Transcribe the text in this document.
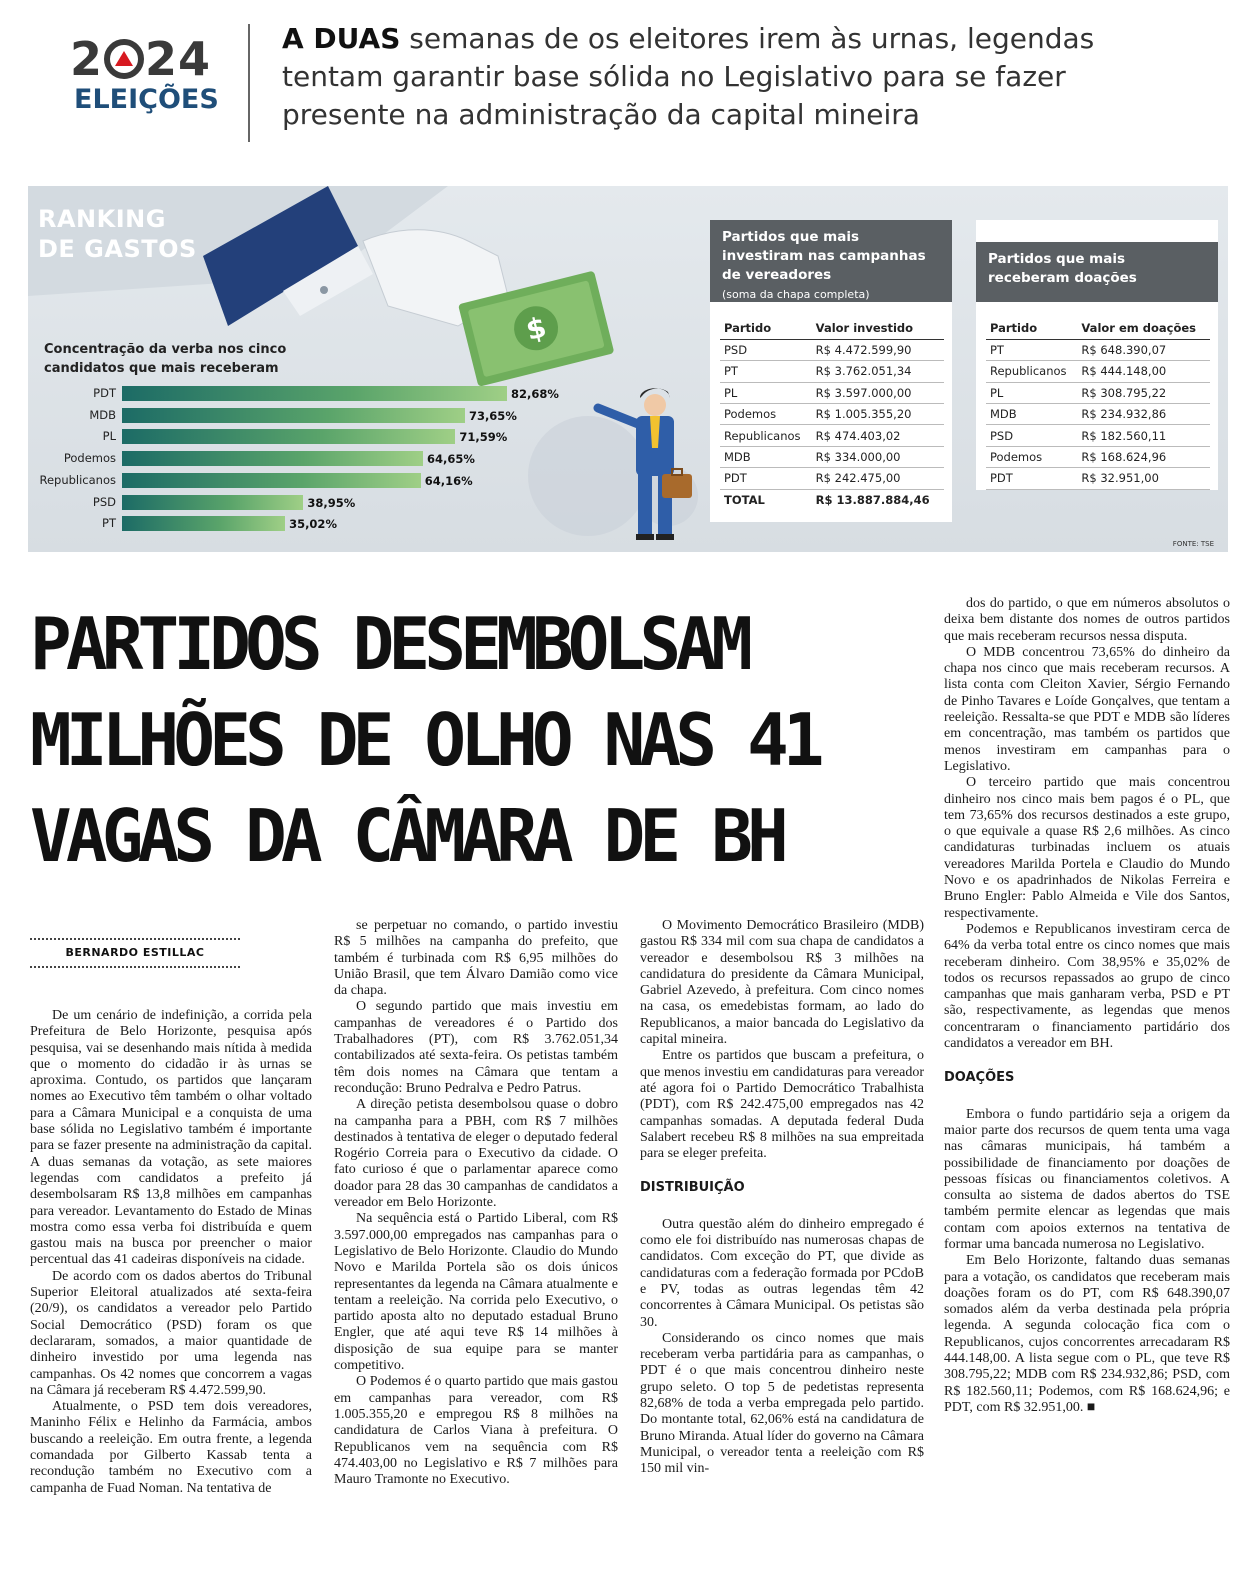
2 24
ELEIÇÕES
A DUAS semanas de os eleitores irem às urnas, legendas tentam garantir base sólida no Legislativo para se fazer presente na administração da capital mineira
$
RANKING
DE GASTOS
Concentração da verba nos cinco candidatos que mais receberam
PDT	82,68%
MDB	73,65%
PL	71,59%
Podemos	64,65%
Republicanos	64,16%
PSD	38,95%
PT	35,02%
Partidos que mais investiram nas campanhas de vereadores
(soma da chapa completa)
Partido	Valor investido
PSD	R$ 4.472.599,90
PT	R$ 3.762.051,34
PL	R$ 3.597.000,00
Podemos	R$ 1.005.355,20
Republicanos	R$ 474.403,02
MDB	R$ 334.000,00
PDT	R$ 242.475,00
TOTAL	R$ 13.887.884,46
Partidos que mais receberam doações
Partido	Valor em doações
PT	R$ 648.390,07
Republicanos	R$ 444.148,00
PL	R$ 308.795,22
MDB	R$ 234.932,86
PSD	R$ 182.560,11
Podemos	R$ 168.624,96
PDT	R$ 32.951,00
FONTE: TSE
PARTIDOS DESEMBOLSAM MILHÕES DE OLHO NAS 41 VAGAS DA CÂMARA DE BH
BERNARDO ESTILLAC

De um cenário de indefinição, a corrida pela Prefeitura de Belo Horizonte, pesquisa após pesquisa, vai se desenhando mais nítida à medida que o momento do cidadão ir às urnas se aproxima. Contudo, os partidos que lançaram nomes ao Executivo têm também o olhar voltado para a Câmara Municipal e a conquista de uma base sólida no Legislativo também é importante para se fazer presente na administração da capital. A duas semanas da votação, as sete maiores legendas com candidatos a prefeito já desembolsaram R$ 13,8 milhões em campanhas para vereador. Levantamento do Estado de Minas mostra como essa verba foi distribuída e quem gastou mais na busca por preencher o maior percentual das 41 cadeiras disponíveis na cidade.

De acordo com os dados abertos do Tribunal Superior Eleitoral atualizados até sexta-feira (20/9), os candidatos a vereador pelo Partido Social Democrático (PSD) foram os que declararam, somados, a maior quantidade de dinheiro investido por uma legenda nas campanhas. Os 42 nomes que concorrem a vagas na Câmara já receberam R$ 4.472.599,90.

Atualmente, o PSD tem dois vereadores, Maninho Félix e Helinho da Farmácia, ambos buscando a reeleição. Em outra frente, a legenda comandada por Gilberto Kassab tenta a recondução também no Executivo com a campanha de Fuad Noman. Na tentativa de

se perpetuar no comando, o partido investiu R$ 5 milhões na campanha do prefeito, que também é turbinada com R$ 6,95 milhões do União Brasil, que tem Álvaro Damião como vice da chapa.

O segundo partido que mais investiu em campanhas de vereadores é o Partido dos Trabalhadores (PT), com R$ 3.762.051,34 contabilizados até sexta-feira. Os petistas também têm dois nomes na Câmara que tentam a recondução: Bruno Pedralva e Pedro Patrus.

A direção petista desembolsou quase o dobro na campanha para a PBH, com R$ 7 milhões destinados à tentativa de eleger o deputado federal Rogério Correia para o Executivo da cidade. O fato curioso é que o parlamentar aparece como doador para 28 das 30 campanhas de candidatos a vereador em Belo Horizonte.

Na sequência está o Partido Liberal, com R$ 3.597.000,00 empregados nas campanhas para o Legislativo de Belo Horizonte. Claudio do Mundo Novo e Marilda Portela são os dois únicos representantes da legenda na Câmara atualmente e tentam a reeleição. Na corrida pelo Executivo, o partido aposta alto no deputado estadual Bruno Engler, que até aqui teve R$ 14 milhões à disposição de sua equipe para se manter competitivo.

O Podemos é o quarto partido que mais gastou em campanhas para vereador, com R$ 1.005.355,20 e empregou R$ 8 milhões na candidatura de Carlos Viana à prefeitura. O Republicanos vem na sequência com R$ 474.403,00 no Legislativo e R$ 7 milhões para Mauro Tramonte no Executivo.

O Movimento Democrático Brasileiro (MDB) gastou R$ 334 mil com sua chapa de candidatos a vereador e desembolsou R$ 3 milhões na candidatura do presidente da Câmara Municipal, Gabriel Azevedo, à prefeitura. Com cinco nomes na casa, os emedebistas formam, ao lado do Republicanos, a maior bancada do Legislativo da capital mineira.

Entre os partidos que buscam a prefeitura, o que menos investiu em candidaturas para vereador até agora foi o Partido Democrático Trabalhista (PDT), com R$ 242.475,00 empregados nas 42 campanhas somadas. A deputada federal Duda Salabert recebeu R$ 8 milhões na sua empreitada para se eleger prefeita.

DISTRIBUIÇÃO

Outra questão além do dinheiro empregado é como ele foi distribuído nas numerosas chapas de candidatos. Com exceção do PT, que divide as candidaturas com a federação formada por PCdoB e PV, todas as outras legendas têm 42 concorrentes à Câmara Municipal. Os petistas são 30.

Considerando os cinco nomes que mais receberam verba partidária para as campanhas, o PDT é o que mais concentrou dinheiro neste grupo seleto. O top 5 de pedetistas representa 82,68% de toda a verba empregada pelo partido. Do montante total, 62,06% está na candidatura de Bruno Miranda. Atual líder do governo na Câmara Municipal, o vereador tenta a reeleição com R$ 150 mil vin-

dos do partido, o que em números absolutos o deixa bem distante dos nomes de outros partidos que mais receberam recursos nessa disputa.

O MDB concentrou 73,65% do dinheiro da chapa nos cinco que mais receberam recursos. A lista conta com Cleiton Xavier, Sérgio Fernando de Pinho Tavares e Loíde Gonçalves, que tentam a reeleição. Ressalta-se que PDT e MDB são líderes em concentração, mas também os partidos que menos investiram em campanhas para o Legislativo.

O terceiro partido que mais concentrou dinheiro nos cinco mais bem pagos é o PL, que tem 73,65% dos recursos destinados a este grupo, o que equivale a quase R$ 2,6 milhões. As cinco candidaturas turbinadas incluem os atuais vereadores Marilda Portela e Claudio do Mundo Novo e os apadrinhados de Nikolas Ferreira e Bruno Engler: Pablo Almeida e Vile dos Santos, respectivamente.

Podemos e Republicanos investiram cerca de 64% da verba total entre os cinco nomes que mais receberam dinheiro. Com 38,95% e 35,02% de todos os recursos repassados ao grupo de cinco campanhas que mais ganharam verba, PSD e PT são, respectivamente, as legendas que menos concentraram o financiamento partidário dos candidatos a vereador em BH.

DOAÇÕES

Embora o fundo partidário seja a origem da maior parte dos recursos de quem tenta uma vaga nas câmaras municipais, há também a possibilidade de financiamento por doações de pessoas físicas ou financiamentos coletivos. A consulta ao sistema de dados abertos do TSE também permite elencar as legendas que mais contam com apoios externos na tentativa de formar uma bancada numerosa no Legislativo.

Em Belo Horizonte, faltando duas semanas para a votação, os candidatos que receberam mais doações foram os do PT, com R$ 648.390,07 somados além da verba destinada pela própria legenda. A segunda colocação fica com o Republicanos, cujos concorrentes arrecadaram R$ 444.148,00. A lista segue com o PL, que teve R$ 308.795,22; MDB com R$ 234.932,86; PSD, com R$ 182.560,11; Podemos, com R$ 168.624,96; e PDT, com R$ 32.951,00. ■
